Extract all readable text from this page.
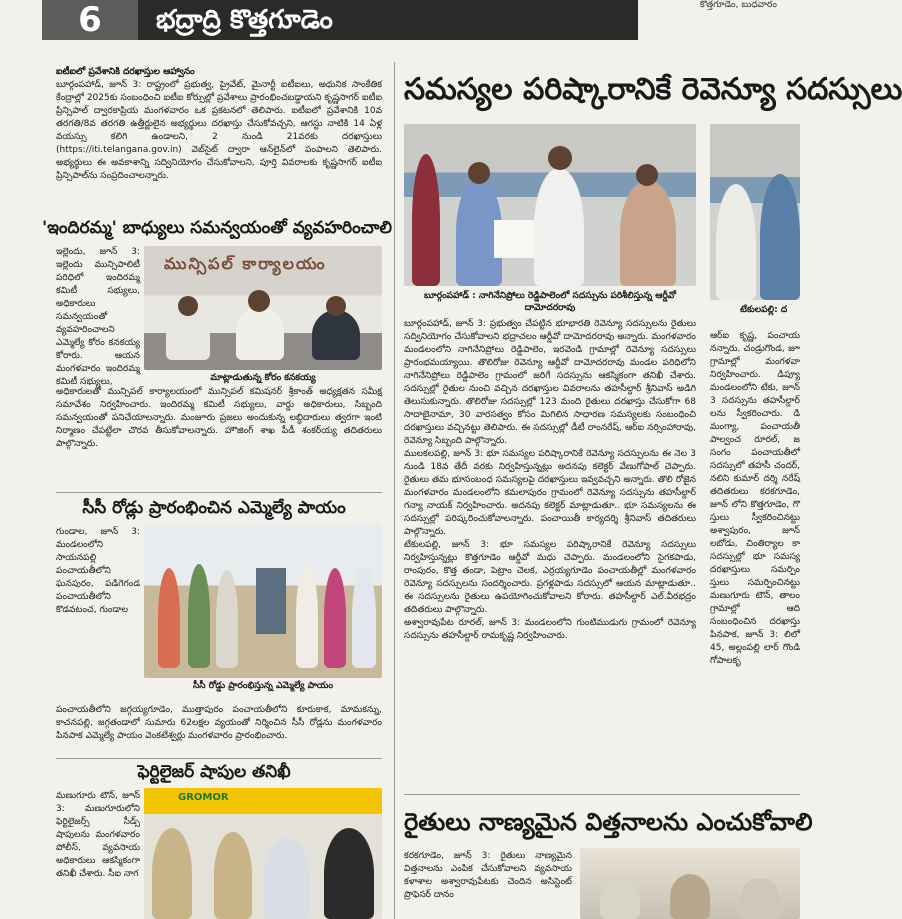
6	భద్రాద్రి కొత్తగూడెం	కొత్తగూడెం, బుధవారం
ఐటీఐలో ప్రవేశానికి దరఖాస్తుల ఆహ్వానం
బూర్గంపహాడ్‌, జూన్‌ 3: రాష్ట్రంలో ప్రభుత్వ, ప్రైవేట్‌, మైనార్టీ ఐటీఐలు, అధునిక సాంకేతిక కేంద్రాల్లో 2025కు సంబంధించి ఐటీఐ కోర్సుల్లో ప్రవేశాలు ప్రారంభించబడ్డాయని కృష్ణసాగర్‌ ఐటీఐ ప్రిన్సిపాల్‌ ద్వారకాప్రియ మంగళవారం ఒక ప్రకటనలో తెలిపారు. ఐటీఐలో ప్రవేశానికి 10వ తరగతి/8వ తరగతి ఉత్తీర్ణులైన అభ్యర్థులు దరఖాస్తు చేసుకోవచ్చని, ఆగస్టు నాటికి 14 ఏళ్ల వయస్సు కలిగి ఉండాలని, 2 నుండి 21వరకు దరఖాస్తులు (https://iti.telangana.gov.in) వెబ్‌సైట్‌ ద్వారా ఆన్‌లైన్‌లో పంపాలని తెలిపారు. అభ్యర్థులు ఈ అవకాశాన్ని సద్వినియోగం చేసుకోవాలని, పూర్తి వివరాలకు కృష్ణసాగర్‌ ఐటీఐ ప్రిన్సిపాల్‌ను సంప్రదించాలన్నారు.
'ఇందిరమ్మ' బాధ్యులు సమన్వయంతో వ్యవహరించాలి
ఇల్లెందు, జూన్‌ 3: ఇల్లెందు మున్సిపాలిటీ పరిధిలో ఇందిరమ్మ కమిటీ సభ్యులు, అధికారులు సమన్వయంతో వ్యవహరించాలని ఎమ్మెల్యే కోరం కనకయ్య కోరారు. ఆయన మంగళవారం ఇందిరమ్మ కమిటీ సభ్యులు,
మున్సిపల్‌ కార్యాలయం
మాట్లాడుతున్న కోరం కనకయ్య
అధికారులతో మున్సిపల్‌ కార్యాలయంలో మున్సిపల్‌ కమిషనర్‌ శ్రీకాంత్‌ అధ్యక్షతన సమీక్ష సమావేశం నిర్వహించారు. ఇందిరమ్మ కమిటీ సభ్యులు, వార్డు అధికారులు, సిబ్బంది సమన్వయంతో పనిచేయాలన్నారు. మంజూరు ప్రజలు అందుకున్న లబ్ధిదారులు త్వరగా ఇంటి నిర్మాణం చేపట్టేలా చొరవ తీసుకోవాలన్నారు. హౌజింగ్‌ శాఖ పీడీ శంకర్‌య్య తదితరులు పాల్గొన్నారు.
సీసీ రోడ్లు ప్రారంభించిన ఎమ్మెల్యే పాయం
గుండాల, జూన్‌ 3: మండలంలోని సాయనపల్లి పంచాయతీలోని ఘనపురం, పడిగెగండ పంచాయతీలోని కొడవటంచ, గుండాల
సీసీ రోడ్డు ప్రారంభిస్తున్న ఎమ్మెల్యే పాయం
పంచాయతీలోని జగ్గయ్యగూడెం, ముత్తాపురం పంచాయతీలోని కూరుకాక, మామకన్ను, కాచనపల్లి, జగ్గతండాలో సుమారు 62లక్షల వ్యయంతో నిర్మించిన సీసీ రోడ్లను మంగళవారం పినపాక ఎమ్మెల్యే పాయం వెంకటేశ్వర్లు మంగళవారం ప్రారంభించారు.
ఫెర్టిలైజర్‌ షాపుల తనిఖీ
మణుగూరు టౌన్‌, జూన్‌ 3: మణుగూరులోని ఫెర్టిలైజర్స్‌ సీడ్స్‌ షాపులను మంగళవారం పోలీస్‌, వ్యవసాయ అధికారులు ఆకస్మికంగా తనిఖీ చేశారు. సీఐ నాగ
GROMOR
సమస్యల పరిష్కారానికే రెవెన్యూ సదస్సులు
బూర్గంపహాడ్‌ : నాగినేనిప్రోలు రెడ్డిపాలెంలో సదస్సును పరిశీలిస్తున్న ఆర్డీవో దామోదరరావు	టేకులపల్లి: ద

బూర్గంపహాడ్‌, జూన్‌ 3: ప్రభుత్వం చేపట్టిన భూభారతి రెవెన్యూ సదస్సులను రైతులు సద్వినియోగం చేసుకోవాలని భద్రాచలం ఆర్డీవో దామోదరరావు అన్నారు. మంగళవారం మండలంలోని నాగినేనిప్రోలు రెడ్డిపాలెం, ఇరవెండి గ్రామాల్లో రెవెన్యూ సదస్సులు ప్రారంభమయ్యాయి. తొలిరోజు రెవెన్యూ ఆర్డీవో దామోదరరావు మండల పరిధిలోని నాగినేనిప్రోలు రెడ్డిపాలెం గ్రామంలో జరిగే సదస్సును ఆకస్మికంగా తనిఖీ చేశారు. సదస్సుల్లో రైతుల నుంచి వచ్చిన దరఖాస్తుల వివరాలను తహసీల్దార్‌ శ్రీనివాస్‌ అడిగి తెలుసుకున్నారు. తొలిరోజు సదస్సుల్లో 123 మంది రైతులు దరఖాస్తు చేసుకోగా 68 సాదాబైనామా, 30 వారసత్వం కోసం మిగిలిన సాధారణ సమస్యలకు సంబంధించి దరఖాస్తులు వచ్చినట్టు తెలిపారు. ఈ సదస్సుల్లో డీటీ రాంనరేష్‌, ఆర్‌ఐ నర్సింహారావు, రెవెన్యూ సిబ్బంది పాల్గొన్నారు.

ములకలపల్లి, జూన్‌ 3: భూ సమస్యల పరిష్కారానికే రెవెన్యూ సదస్సులను ఈ నెల 3 నుండి 18వ తేదీ వరకు నిర్వహిస్తున్నట్లు అదనపు కలెక్టర్‌ వేణుగోపాల్‌ చెప్పారు. రైతులు తమ భూసంబంధ సమస్యలపై దరఖాస్తులు ఇవ్వవచ్చని అన్నారు. తొలి రోజైన మంగళవారం మండలంలోని కమలాపురం గ్రామంలో రెవెన్యూ సదస్సును తహసీల్దార్‌ గన్యా నాయక్‌ నిర్వహించారు. అదనపు కలెక్టర్‌ మాట్లాడుతూ.. భూ సమస్యలను ఈ సదస్సుల్లో పరిష్కరించుకోవాలన్నారు. పంచాయితీ కార్యదర్శి శ్రీనివాస్‌ తదితరులు పాల్గొన్నారు.

టేకులపల్లి, జూన్‌ 3: భూ సమస్యల పరిష్కారానికే రెవెన్యూ సదస్సులు నిర్వహిస్తున్నట్లు కొత్తగూడెం ఆర్డీవో మధు చెప్పారు. మండలంలోని సైగకపాడు, రాంపురం, కొత్త తండా, పెట్రాం చెలక, ఎర్రయ్యగూడెం పంచాయతీల్లో మంగళవారం రెవెన్యూ సదస్సులను సందర్శించారు. ప్రగళ్లపాడు సదస్సులో ఆయన మాట్లాడుతూ.. ఈ సదస్సులను రైతులు ఉపయోగించుకోవాలని కోరారు. తహసీల్దార్‌ ఎల్‌.వీరభద్రం తదితరులు పాల్గొన్నారు.

అశ్వారావుపేట రూరల్‌, జూన్‌ 3: మండలంలోని గుంటిముడుగు గ్రామంలో రెవెన్యూ సదస్సును తహసీల్దార్‌ రామకృష్ణ నిర్వహించారు.

ఆర్‌ఐ కృష్ణ, పంచాయ నన్నారు. చండ్రుగొండ, జూ గ్రామాల్లో మంగళవా నిర్వహించారు. డిప్యూ మండలంలోని టేకు, జూన్‌ 3 సదస్సును తహసీల్దార్‌ లను స్వీకరించారు. డి మంగ్యా, పంచాయతీ పాల్వంచ రూరల్‌, జ సంగం పంచాయతీలో సదస్సులో తహసీ చందర్‌, నలిని కుమార్‌ దర్శి నరేష్‌ తదితరులు కరకగూడెం, జూన్‌ లోని కొత్తగూడెం, గొ స్తులు స్వీకరించినట్టు అశ్వాపురం, జూన్‌ లబోడు, చింతిర్యాల కా సదస్సుల్లో భూ సమస్య దరఖాస్తులు సమర్పిం స్తులు సమర్పించినట్టు మణుగూరు టౌన్‌, తాలం గ్రామాల్లో ఆది సంబంధించిన దరఖాస్తు పినపాక, జూన్‌ 3: లిలో 45, అల్లంపల్లి లార్‌ గొండి గోపాలకృ
రైతులు నాణ్యమైన విత్తనాలను ఎంచుకోవాలి
కరకగూడెం, జూన్‌ 3: రైతులు నాణ్యమైన విత్తనాలను ఎంపిక చేసుకోవాలని వ్యవసాయ కళాశాల అశ్వారావుపేటకు చెందిన అసిస్టెంట్‌ ప్రొఫెసర్‌ దానం
